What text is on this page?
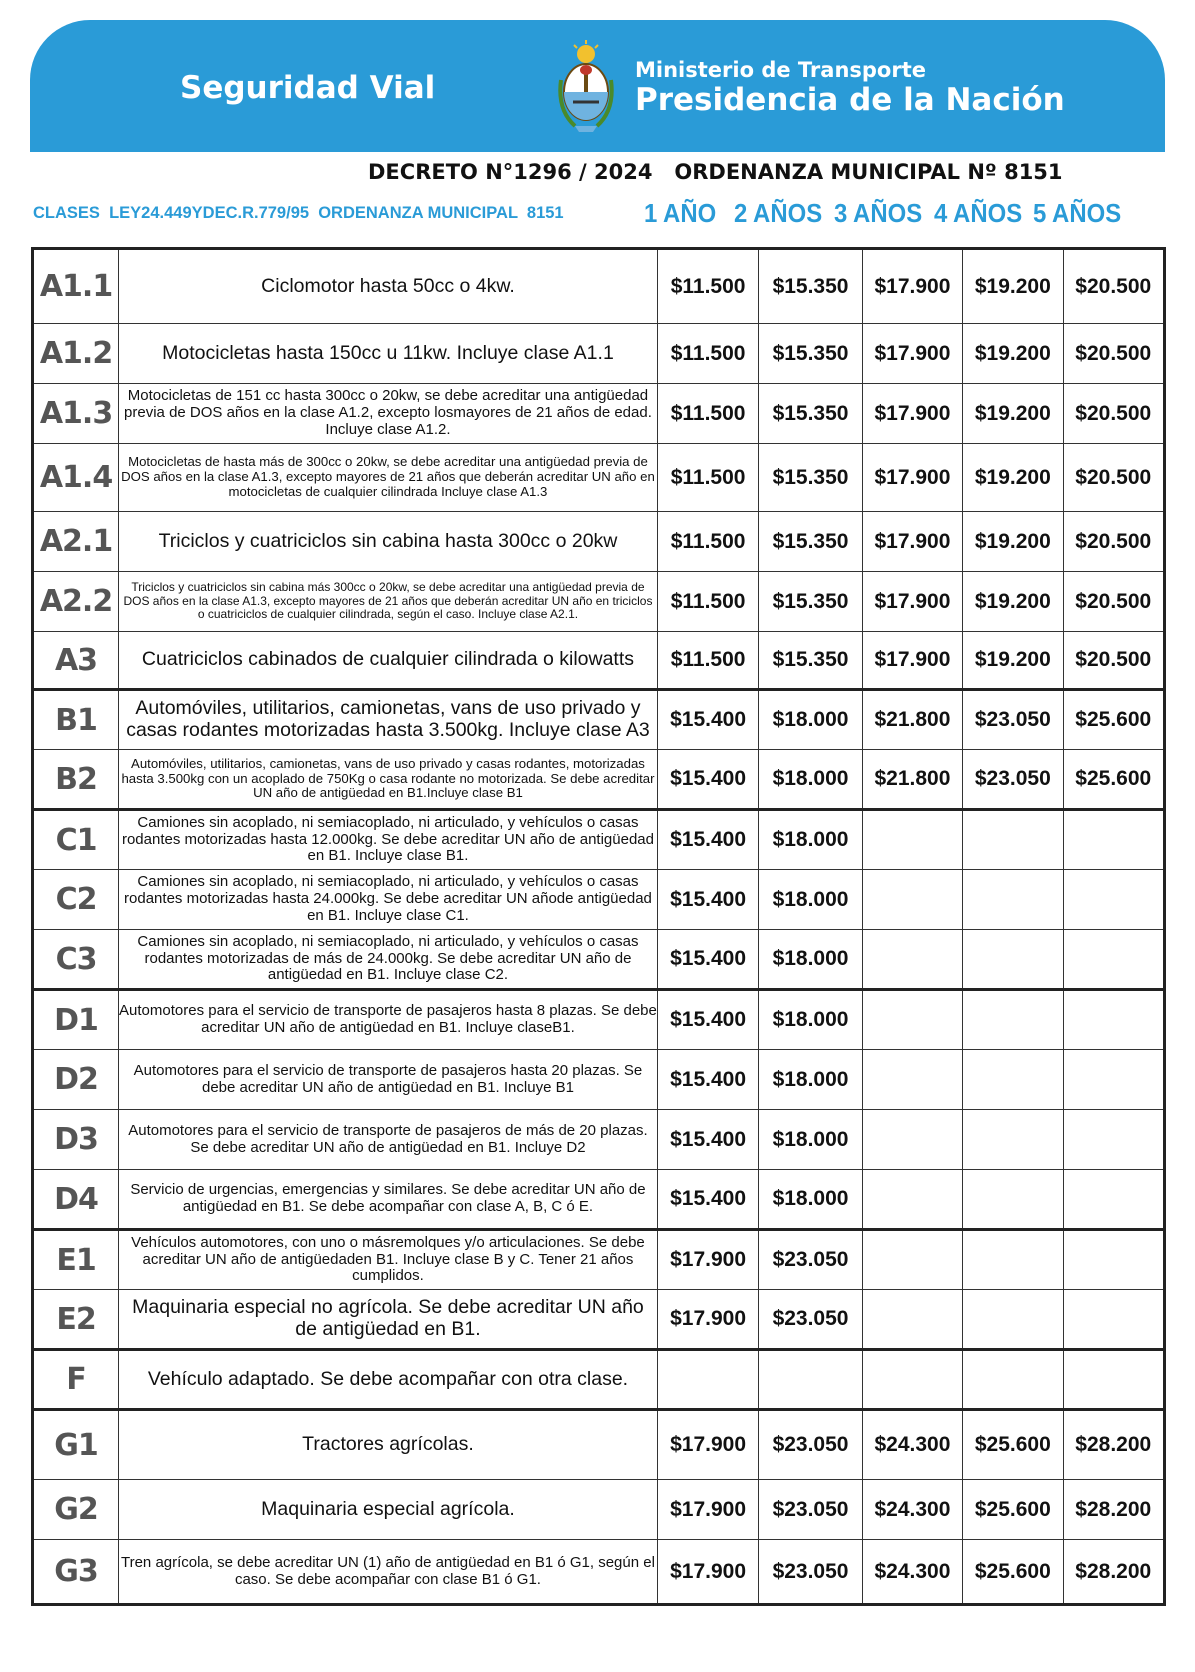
Seguridad Vial	Ministerio de Transporte
Presidencia de la Nación
DECRETO N°1296 / 2024   ORDENANZA MUNICIPAL Nº 8151
CLASES  LEY24.449YDEC.R.779/95  ORDENANZA MUNICIPAL  8151	1 AÑO 2 AÑOS 3 AÑOS 4 AÑOS 5 AÑOS
A1.1	Ciclomotor hasta 50cc o 4kw.	$11.500	$15.350	$17.900	$19.200	$20.500
A1.2	Motocicletas hasta 150cc u 11kw. Incluye clase A1.1	$11.500	$15.350	$17.900	$19.200	$20.500
A1.3	Motocicletas de 151 cc hasta 300cc o 20kw, se debe acreditar una antigüedad previa de DOS años en la clase A1.2, excepto losmayores de 21 años de edad. Incluye clase A1.2.	$11.500	$15.350	$17.900	$19.200	$20.500
A1.4	Motocicletas de hasta más de 300cc o 20kw, se debe acreditar una antigüedad previa de DOS años en la clase A1.3, excepto mayores de 21 años que deberán acreditar UN año en motocicletas de cualquier cilindrada Incluye clase A1.3	$11.500	$15.350	$17.900	$19.200	$20.500
A2.1	Triciclos y cuatriciclos sin cabina hasta 300cc o 20kw	$11.500	$15.350	$17.900	$19.200	$20.500
A2.2	Triciclos y cuatriciclos sin cabina más 300cc o 20kw, se debe acreditar una antigüedad previa de DOS años en la clase A1.3, excepto mayores de 21 años que deberán acreditar UN año en triciclos o cuatriciclos de cualquier cilindrada, según el caso. Incluye clase A2.1.	$11.500	$15.350	$17.900	$19.200	$20.500
A3	Cuatriciclos cabinados de cualquier cilindrada o kilowatts	$11.500	$15.350	$17.900	$19.200	$20.500
B1	Automóviles, utilitarios, camionetas, vans de uso privado y casas rodantes motorizadas hasta 3.500kg. Incluye clase A3	$15.400	$18.000	$21.800	$23.050	$25.600
B2	Automóviles, utilitarios, camionetas, vans de uso privado y casas rodantes, motorizadas hasta 3.500kg con un acoplado de 750Kg o casa rodante no motorizada. Se debe acreditar UN año de antigüedad en B1.Incluye clase B1	$15.400	$18.000	$21.800	$23.050	$25.600
C1	Camiones sin acoplado, ni semiacoplado, ni articulado, y vehículos o casas rodantes motorizadas hasta 12.000kg. Se debe acreditar UN año de antigüedad en B1. Incluye clase B1.	$15.400	$18.000			
C2	Camiones sin acoplado, ni semiacoplado, ni articulado, y vehículos o casas rodantes motorizadas hasta 24.000kg. Se debe acreditar UN añode antigüedad en B1. Incluye clase C1.	$15.400	$18.000			
C3	Camiones sin acoplado, ni semiacoplado, ni articulado, y vehículos o casas rodantes motorizadas de más de 24.000kg. Se debe acreditar UN año de antigüedad en B1. Incluye clase C2.	$15.400	$18.000			
D1	Automotores para el servicio de transporte de pasajeros hasta 8 plazas. Se debe acreditar UN año de antigüedad en B1. Incluye claseB1.	$15.400	$18.000			
D2	Automotores para el servicio de transporte de pasajeros hasta 20 plazas. Se debe acreditar UN año de antigüedad en B1. Incluye B1	$15.400	$18.000			
D3	Automotores para el servicio de transporte de pasajeros de más de 20 plazas. Se debe acreditar UN año de antigüedad en B1. Incluye D2	$15.400	$18.000			
D4	Servicio de urgencias, emergencias y similares. Se debe acreditar UN año de antigüedad en B1. Se debe acompañar con clase A, B, C ó E.	$15.400	$18.000			
E1	Vehículos automotores, con uno o másremolques y/o articulaciones. Se debe acreditar UN año de antigüedaden B1. Incluye clase B y C. Tener 21 años cumplidos.	$17.900	$23.050			
E2	Maquinaria especial no agrícola. Se debe acreditar UN año de antigüedad en B1.	$17.900	$23.050			
F	Vehículo adaptado. Se debe acompañar con otra clase.					
G1	Tractores agrícolas.	$17.900	$23.050	$24.300	$25.600	$28.200
G2	Maquinaria especial agrícola.	$17.900	$23.050	$24.300	$25.600	$28.200
G3	Tren agrícola, se debe acreditar UN (1) año de antigüedad en B1 ó G1, según el caso. Se debe acompañar con clase B1 ó G1.	$17.900	$23.050	$24.300	$25.600	$28.200
